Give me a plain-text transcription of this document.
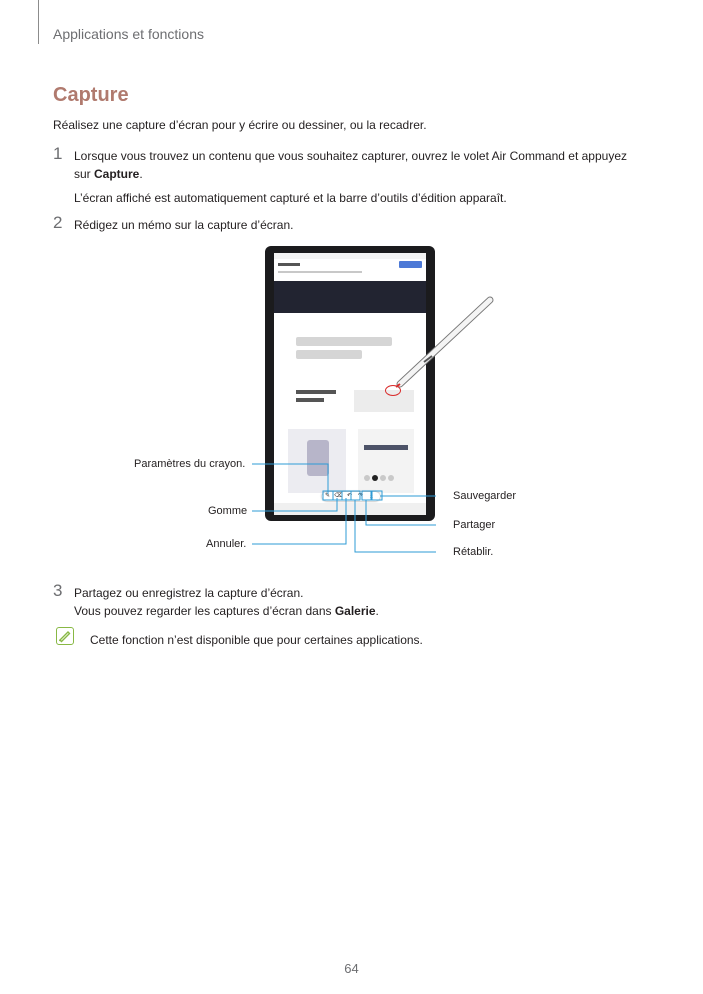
Applications et fonctions
Capture
Réalisez une capture d’écran pour y écrire ou dessiner, ou la recadrer.
1 Lorsque vous trouvez un contenu que vous souhaitez capturer, ouvrez le volet Air Command et appuyez
sur Capture.
L’écran affiché est automatiquement capturé et la barre d’outils d’édition apparaît.
2 Rédigez un mémo sur la capture d’écran.
✎ ⌫ ↶ ↷ ⤓
Paramètres du crayon.
Gomme
Annuler.
Sauvegarder
Partager
Rétablir.
3 Partagez ou enregistrez la capture d’écran.
Vous pouvez regarder les captures d’écran dans Galerie.
Cette fonction n’est disponible que pour certaines applications.
64
